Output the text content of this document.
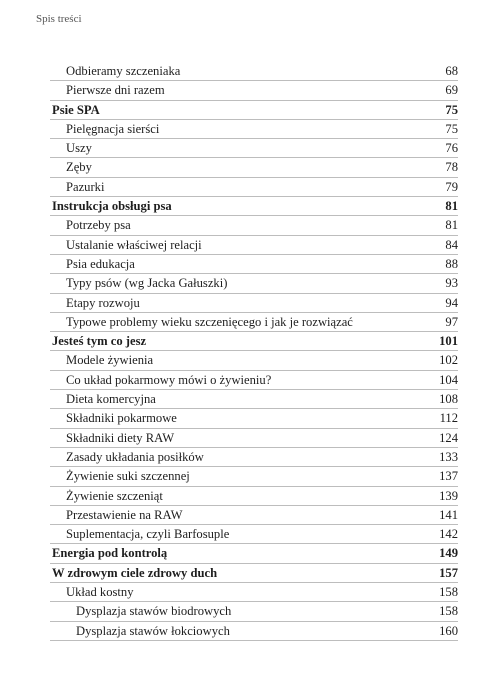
Spis treści
Odbieramy szczeniaka	68
Pierwsze dni razem	69
Psie SPA	75
Pielęgnacja sierści	75
Uszy	76
Zęby	78
Pazurki	79
Instrukcja obsługi psa	81
Potrzeby psa	81
Ustalanie właściwej relacji	84
Psia edukacja	88
Typy psów (wg Jacka Gałuszki)	93
Etapy rozwoju	94
Typowe problemy wieku szczenięcego i jak je rozwiązać	97
Jesteś tym co jesz	101
Modele żywienia	102
Co układ pokarmowy mówi o żywieniu?	104
Dieta komercyjna	108
Składniki pokarmowe	112
Składniki diety RAW	124
Zasady układania posiłków	133
Żywienie suki szczennej	137
Żywienie szczeniąt	139
Przestawienie na RAW	141
Suplementacja, czyli Barfosuple	142
Energia pod kontrolą	149
W zdrowym ciele zdrowy duch	157
Układ kostny	158
Dysplazja stawów biodrowych	158
Dysplazja stawów łokciowych	160
